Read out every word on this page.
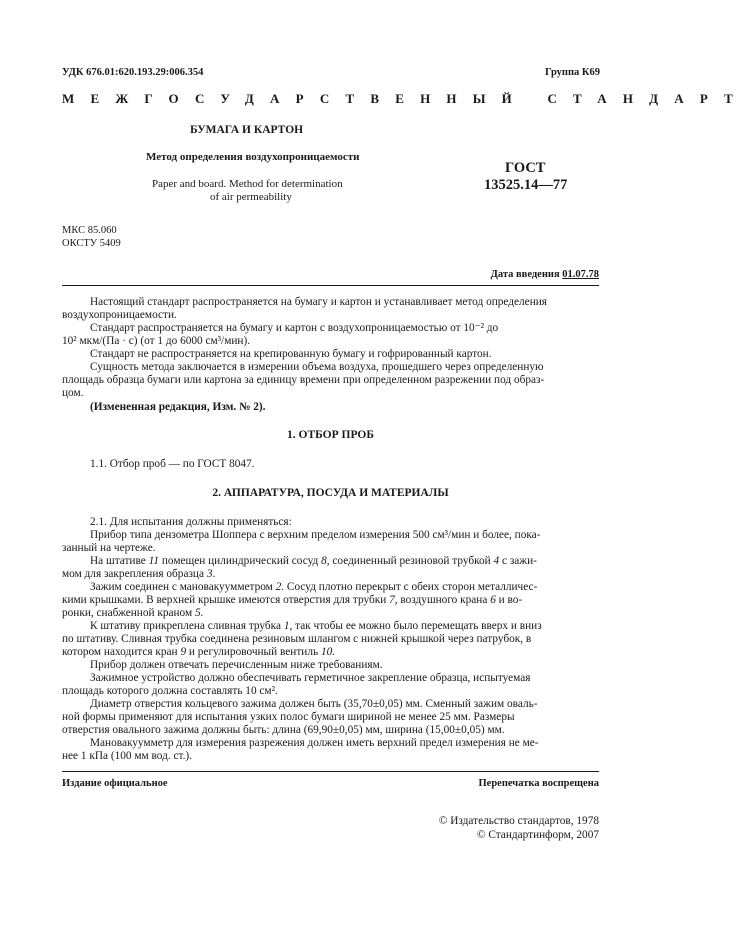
УДК 676.01:620.193.29:006.354	Группа К69
МЕЖГОСУДАРСТВЕННЫЙ СТАНДАРТ
БУМАГА И КАРТОН
Метод определения воздухопроницаемости
Paper and board. Method for determination
of air permeability
ГОСТ
13525.14—77
МКС 85.060
ОКСТУ 5409
Дата введения 01.07.78
Настоящий стандарт распространяется на бумагу и картон и устанавливает метод определения
воздухопроницаемости.
Стандарт распространяется на бумагу и картон с воздухопроницаемостью от 10⁻² до
10² мкм/(Па · с) (от 1 до 6000 см³/мин).
Стандарт не распространяется на крепированную бумагу и гофрированный картон.
Сущность метода заключается в измерении объема воздуха, прошедшего через определенную
площадь образца бумаги или картона за единицу времени при определенном разрежении под образ-
цом.
(Измененная редакция, Изм. № 2).
1. ОТБОР ПРОБ
1.1. Отбор проб — по ГОСТ 8047.
2. АППАРАТУРА, ПОСУДА И МАТЕРИАЛЫ
2.1. Для испытания должны применяться:
Прибор типа дензометра Шоппера с верхним пределом измерения 500 см³/мин и более, пока-
занный на чертеже.
На штативе 11 помещен цилиндрический сосуд 8, соединенный резиновой трубкой 4 с зажи-
мом для закрепления образца 3.
Зажим соединен с мановакуумметром 2. Сосуд плотно перекрыт с обеих сторон металличес-
кими крышками. В верхней крышке имеются отверстия для трубки 7, воздушного крана 6 и во-
ронки, снабженной краном 5.
К штативу прикреплена сливная трубка 1, так чтобы ее можно было перемещать вверх и вниз
по штативу. Сливная трубка соединена резиновым шлангом с нижней крышкой через патрубок, в
котором находится кран 9 и регулировочный вентиль 10.
Прибор должен отвечать перечисленным ниже требованиям.
Зажимное устройство должно обеспечивать герметичное закрепление образца, испытуемая
площадь которого должна составлять 10 см².
Диаметр отверстия кольцевого зажима должен быть (35,70±0,05) мм. Сменный зажим оваль-
ной формы применяют для испытания узких полос бумаги шириной не менее 25 мм. Размеры
отверстия овального зажима должны быть: длина (69,90±0,05) мм, ширина (15,00±0,05) мм.
Мановакуумметр для измерения разрежения должен иметь верхний предел измерения не ме-
нее 1 кПа (100 мм вод. ст.).
Издание официальное	Перепечатка воспрещена
© Издательство стандартов, 1978
© Стандартинформ, 2007
